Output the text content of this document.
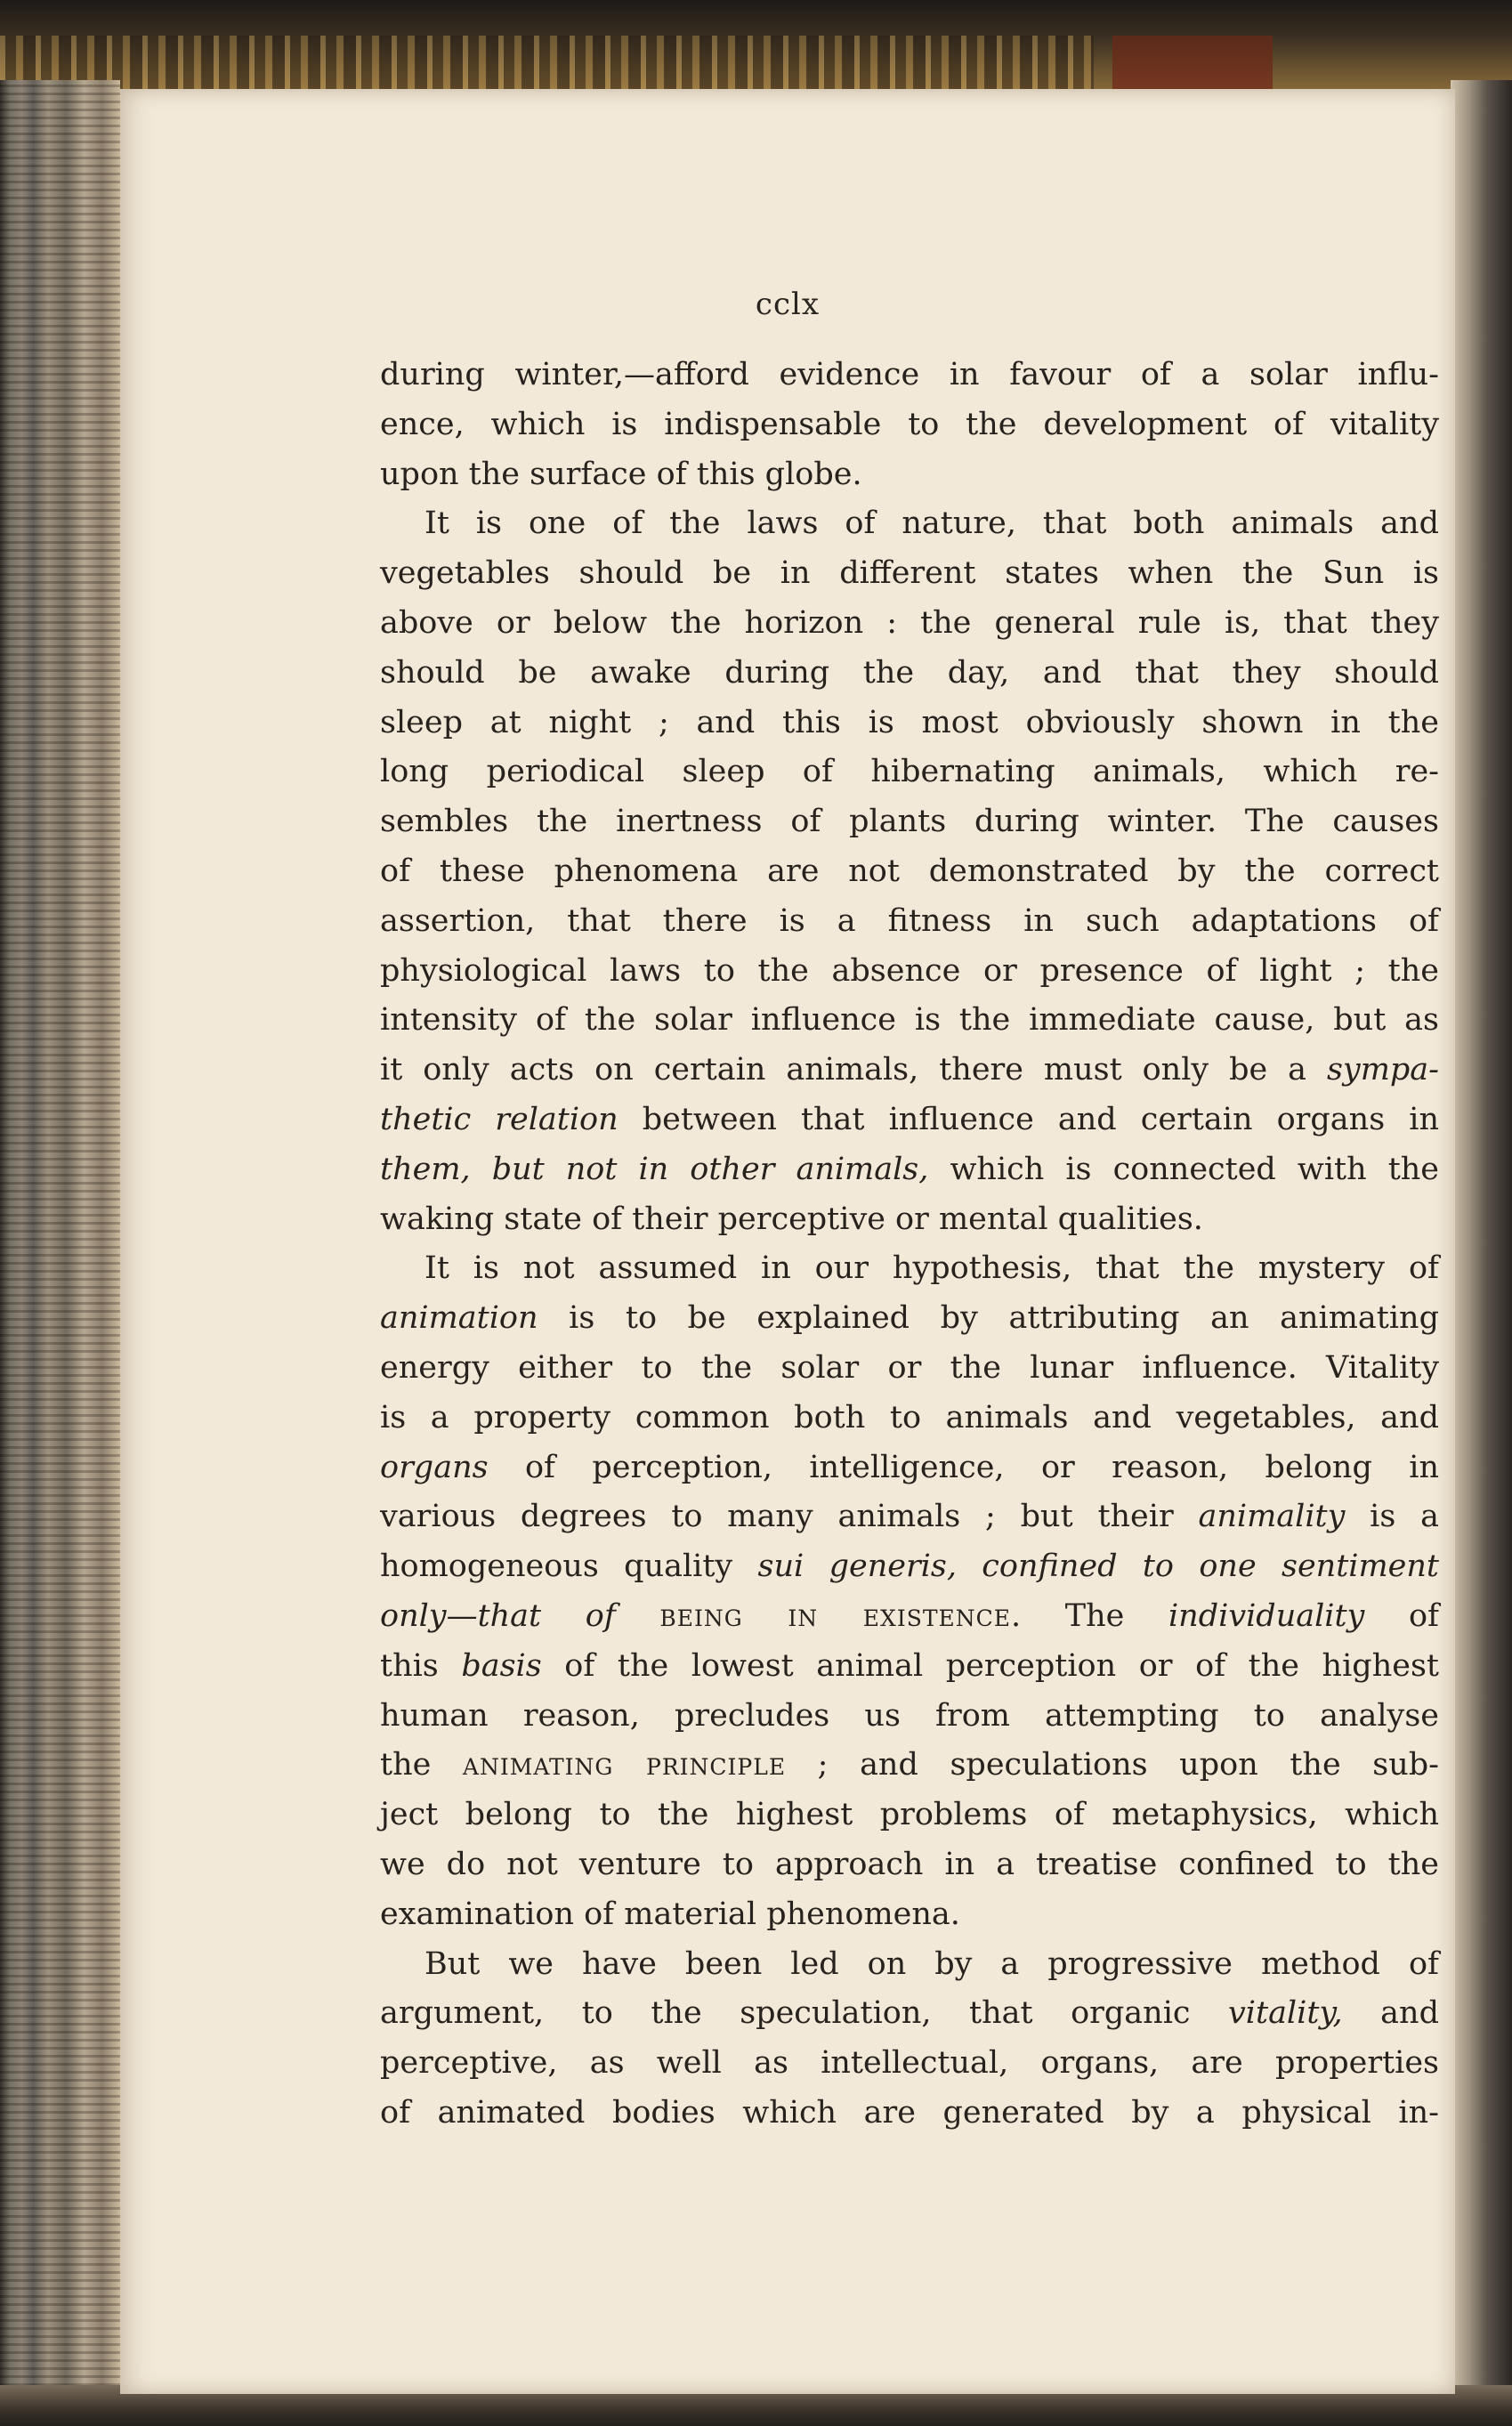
cclx
during winter,—afford evidence in favour of a solar influ-
ence, which is indispensable to the development of vitality
upon the surface of this globe.
It is one of the laws of nature, that both animals and
vegetables should be in different states when the Sun is
above or below the horizon : the general rule is, that they
should be awake during the day, and that they should
sleep at night ; and this is most obviously shown in the
long periodical sleep of hibernating animals, which re-
sembles the inertness of plants during winter. The causes
of these phenomena are not demonstrated by the correct
assertion, that there is a fitness in such adaptations of
physiological laws to the absence or presence of light ; the
intensity of the solar influence is the immediate cause, but as
it only acts on certain animals, there must only be a sympa-
thetic relation between that influence and certain organs in
them, but not in other animals, which is connected with the
waking state of their perceptive or mental qualities.
It is not assumed in our hypothesis, that the mystery of
animation is to be explained by attributing an animating
energy either to the solar or the lunar influence. Vitality
is a property common both to animals and vegetables, and
organs of perception, intelligence, or reason, belong in
various degrees to many animals ; but their animality is a
homogeneous quality sui generis, confined to one sentiment
only—that of being in existence. The individuality of
this basis of the lowest animal perception or of the highest
human reason, precludes us from attempting to analyse
the animating principle ; and speculations upon the sub-
ject belong to the highest problems of metaphysics, which
we do not venture to approach in a treatise confined to the
examination of material phenomena.
But we have been led on by a progressive method of
argument, to the speculation, that organic vitality, and
perceptive, as well as intellectual, organs, are properties
of animated bodies which are generated by a physical in-
